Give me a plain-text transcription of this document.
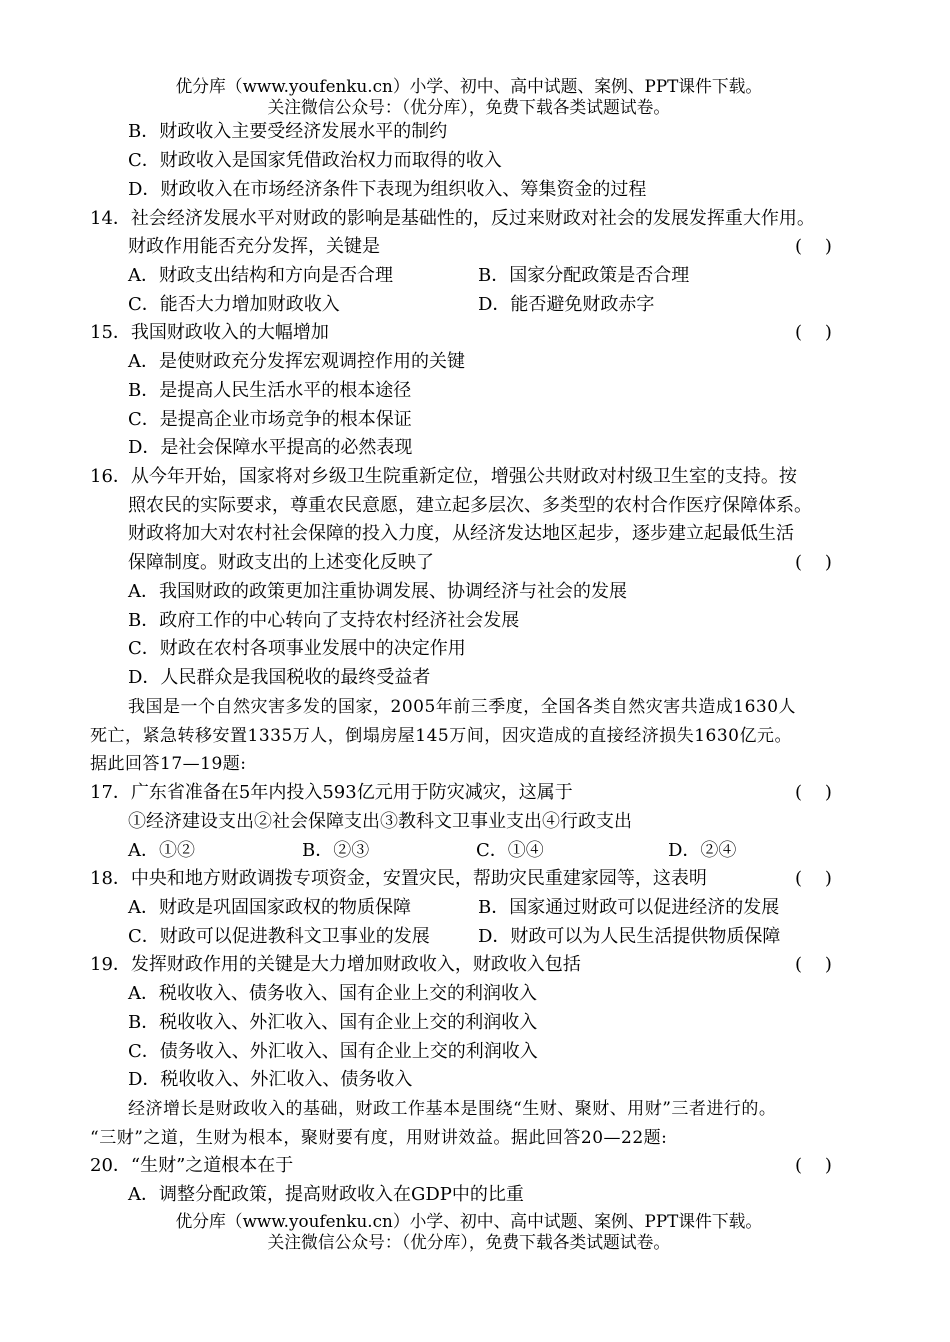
优分库（www.youfenku.cn）小学、初中、高中试题、案例、PPT课件下载。
关注微信公众号：（优分库），免费下载各类试题试卷。
B．财政收入主要受经济发展水平的制约
C．财政收入是国家凭借政治权力而取得的收入
D．财政收入在市场经济条件下表现为组织收入、筹集资金的过程
14．社会经济发展水平对财政的影响是基础性的，反过来财政对社会的发展发挥重大作用。
财政作用能否充分发挥，关键是	(    )
A．财政支出结构和方向是否合理	B．国家分配政策是否合理
C．能否大力增加财政收入	D．能否避免财政赤字
15．我国财政收入的大幅增加	(    )
A．是使财政充分发挥宏观调控作用的关键
B．是提高人民生活水平的根本途径
C．是提高企业市场竞争的根本保证
D．是社会保障水平提高的必然表现
16．从今年开始，国家将对乡级卫生院重新定位，增强公共财政对村级卫生室的支持。按
照农民的实际要求，尊重农民意愿，建立起多层次、多类型的农村合作医疗保障体系。
财政将加大对农村社会保障的投入力度，从经济发达地区起步，逐步建立起最低生活
保障制度。财政支出的上述变化反映了	(    )
A．我国财政的政策更加注重协调发展、协调经济与社会的发展
B．政府工作的中心转向了支持农村经济社会发展
C．财政在农村各项事业发展中的决定作用
D．人民群众是我国税收的最终受益者
我国是一个自然灾害多发的国家，2005年前三季度，全国各类自然灾害共造成1630人
死亡，紧急转移安置1335万人，倒塌房屋145万间，因灾造成的直接经济损失1630亿元。
据此回答17—19题:
17．广东省准备在5年内投入593亿元用于防灾减灾，这属于	(    )
①经济建设支出②社会保障支出③教科文卫事业支出④行政支出
A．①②	B．②③	C．①④	D．②④
18．中央和地方财政调拨专项资金，安置灾民，帮助灾民重建家园等，这表明	(    )
A．财政是巩固国家政权的物质保障	B．国家通过财政可以促进经济的发展
C．财政可以促进教科文卫事业的发展	D．财政可以为人民生活提供物质保障
19．发挥财政作用的关键是大力增加财政收入，财政收入包括	(    )
A．税收收入、债务收入、国有企业上交的利润收入
B．税收收入、外汇收入、国有企业上交的利润收入
C．债务收入、外汇收入、国有企业上交的利润收入
D．税收收入、外汇收入、债务收入
经济增长是财政收入的基础，财政工作基本是围绕“生财、聚财、用财”三者进行的。
“三财”之道，生财为根本，聚财要有度，用财讲效益。据此回答20—22题:
20．“生财”之道根本在于	(    )
A．调整分配政策，提高财政收入在GDP中的比重
优分库（www.youfenku.cn）小学、初中、高中试题、案例、PPT课件下载。
关注微信公众号：（优分库），免费下载各类试题试卷。
